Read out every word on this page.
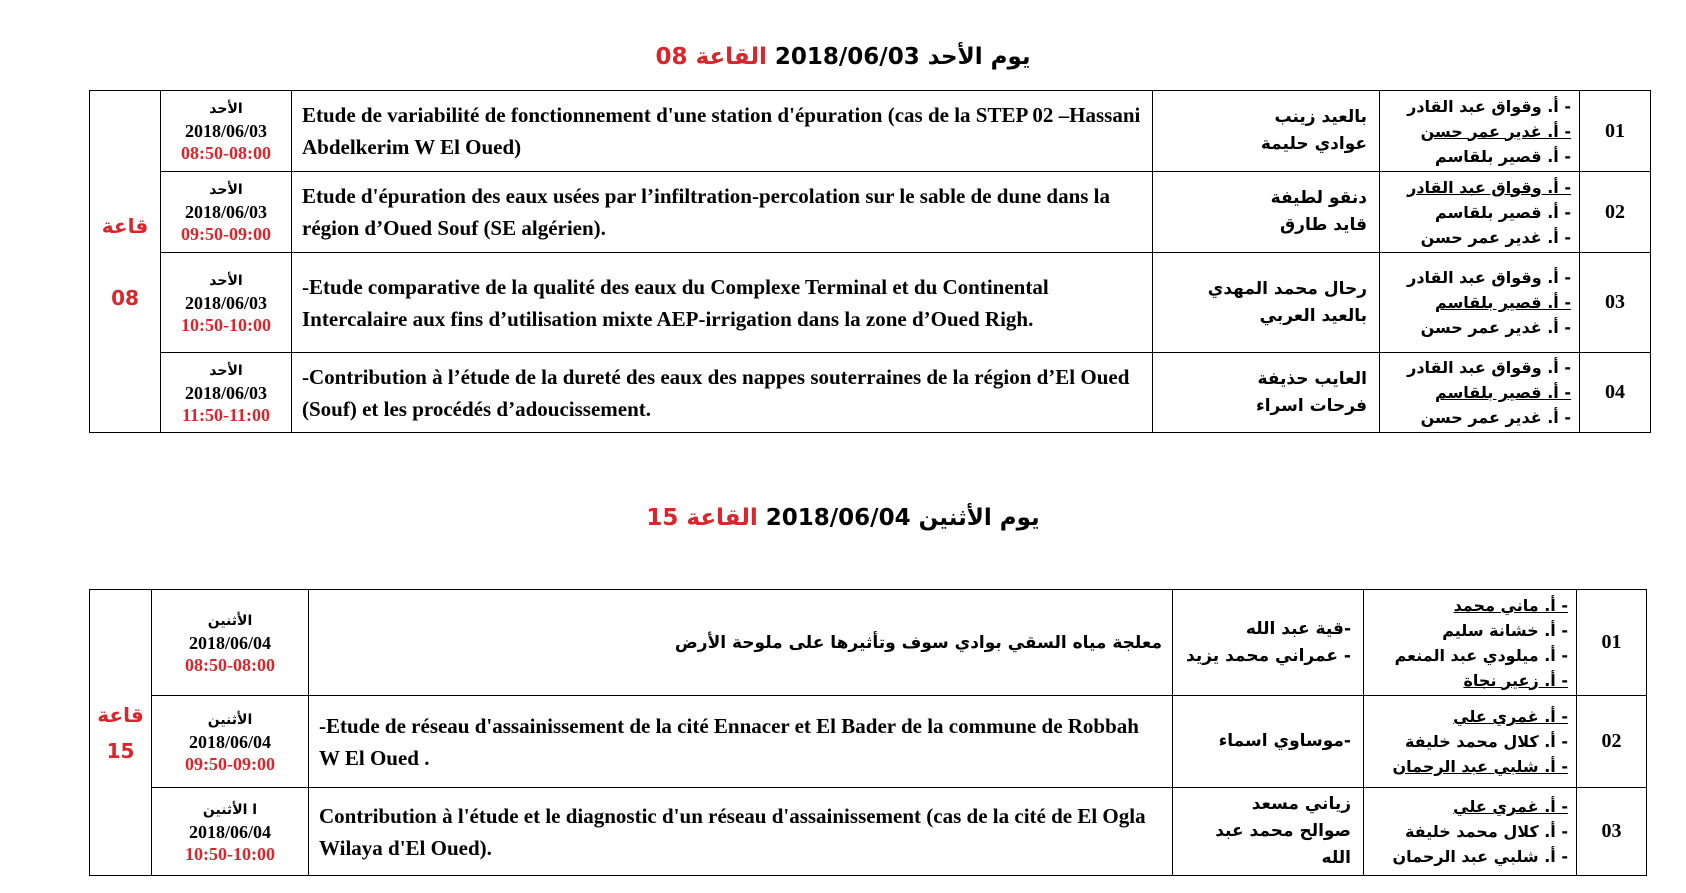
يوم الأحد 2018/06/03 القاعة 08
قاعة

08	الأحد
2018/06/03
08:50-08:00	Etude de variabilité de fonctionnement d'une station d'épuration (cas de la STEP 02 –Hassani Abdelkerim W El Oued)	بالعيد زينب
عوادي حليمة	- أ. وقواق عبد القادر
- أ. غدير عمر حسن
- أ. قصير بلقاسم	01

	الأحد
2018/06/03
09:50-09:00	Etude d'épuration des eaux usées par l’infiltration-percolation sur le sable de dune dans la région d’Oued Souf (SE algérien).	دنقو لطيفة
قايد طارق	- أ. وقواق عبد القادر
- أ. قصير بلقاسم
- أ. غدير عمر حسن	02

	الأحد
2018/06/03
10:50-10:00	-Etude comparative de la qualité des eaux du Complexe Terminal et du Continental Intercalaire aux fins d’utilisation mixte AEP-irrigation dans la zone d’Oued Righ.	رحال محمد المهدي
بالعيد العربي	- أ. وقواق عبد القادر
- أ. قصير بلقاسم
- أ. غدير عمر حسن	03

	الأحد
2018/06/03
11:50-11:00	-Contribution à l’étude de la dureté des eaux des nappes souterraines de la région d’El Oued (Souf) et les procédés d’adoucissement.	العايب حذيفة
فرحات اسراء	- أ. وقواق عبد القادر
- أ. قصير بلقاسم
- أ. غدير عمر حسن	04
يوم الأثنين 2018/06/04 القاعة 15
قاعة
15	الأثنين
2018/06/04
08:50-08:00	معلجة مياه السقي بوادي سوف وتأثيرها على ملوحة الأرض	-قية عبد الله
- عمراني محمد يزيد	- أ. ماني محمد
- أ. خشانة سليم
- أ. ميلودي عبد المنعم
- أ. زعير نجاة	01

	الأثنين
2018/06/04
09:50-09:00	-Etude de réseau d'assainissement de la cité Ennacer et El Bader de la commune de Robbah W El Oued .	-موساوي اسماء	- أ. غمري علي
- أ. كلال محمد خليفة
- أ. شلبي عبد الرحمان	02

	ا الأثنين
2018/06/04
10:50-10:00	Contribution à l'étude et le diagnostic d'un réseau d'assainissement (cas de la cité de El Ogla Wilaya d'El Oued).	زياني مسعد
صوالح محمد عبد الله	- أ. غمري علي
- أ. كلال محمد خليفة
- أ. شلبي عبد الرحمان	03
